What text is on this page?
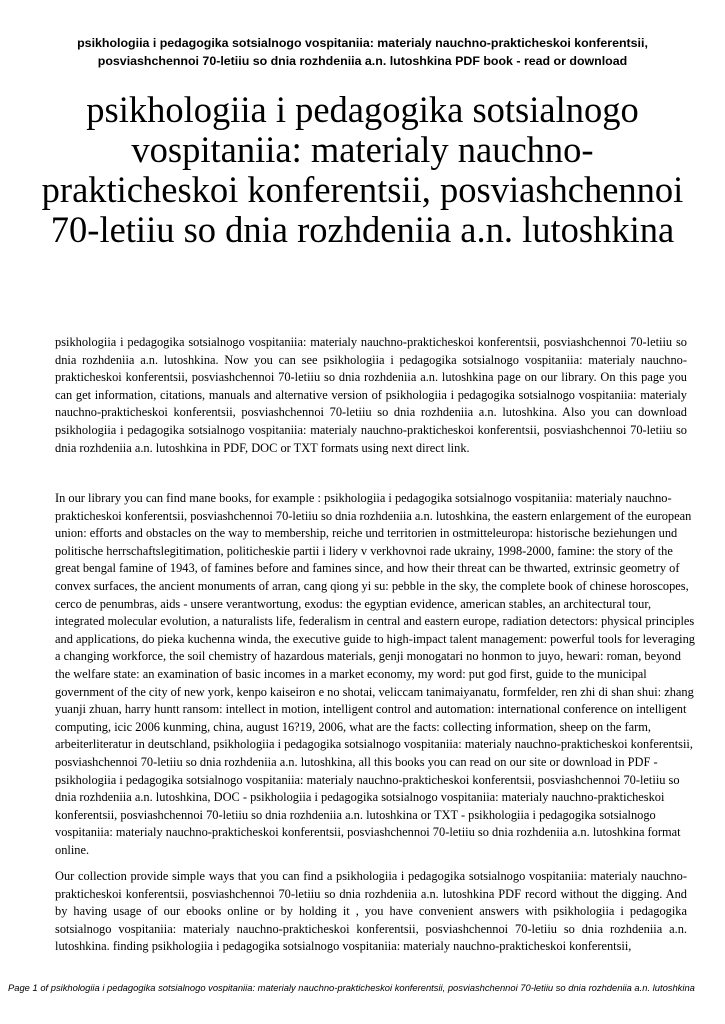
psikhologiia i pedagogika sotsialnogo vospitaniia: materialy nauchno-prakticheskoi konferentsii, posviashchennoi 70-letiiu so dnia rozhdeniia a.n. lutoshkina PDF book - read or download
psikhologiia i pedagogika sotsialnogo vospitaniia: materialy nauchno-prakticheskoi konferentsii, posviashchennoi 70-letiiu so dnia rozhdeniia a.n. lutoshkina

psikhologiia i pedagogika sotsialnogo vospitaniia: materialy nauchno-prakticheskoi konferentsii, posviashchennoi 70-letiiu so dnia rozhdeniia a.n. lutoshkina. Now you can see psikhologiia i pedagogika sotsialnogo vospitaniia: materialy nauchno-prakticheskoi konferentsii, posviashchennoi 70-letiiu so dnia rozhdeniia a.n. lutoshkina page on our library. On this page you can get information, citations, manuals and alternative version of psikhologiia i pedagogika sotsialnogo vospitaniia: materialy nauchno-prakticheskoi konferentsii, posviashchennoi 70-letiiu so dnia rozhdeniia a.n. lutoshkina. Also you can download psikhologiia i pedagogika sotsialnogo vospitaniia: materialy nauchno-prakticheskoi konferentsii, posviashchennoi 70-letiiu so dnia rozhdeniia a.n. lutoshkina in PDF, DOC or TXT formats using next direct link.

In our library you can find mane books, for example : psikhologiia i pedagogika sotsialnogo vospitaniia: materialy nauchno-prakticheskoi konferentsii, posviashchennoi 70-letiiu so dnia rozhdeniia a.n. lutoshkina, the eastern enlargement of the european union: efforts and obstacles on the way to membership, reiche und territorien in ostmitteleuropa: historische beziehungen und politische herrschaftslegitimation, politicheskie partii i lidery v verkhovnoi rade ukrainy, 1998-2000, famine: the story of the great bengal famine of 1943, of famines before and famines since, and how their threat can be thwarted, extrinsic geometry of convex surfaces, the ancient monuments of arran, cang qiong yi su: pebble in the sky, the complete book of chinese horoscopes, cerco de penumbras, aids - unsere verantwortung, exodus: the egyptian evidence, american stables, an architectural tour, integrated molecular evolution, a naturalists life, federalism in central and eastern europe, radiation detectors: physical principles and applications, do pieka kuchenna winda, the executive guide to high-impact talent management: powerful tools for leveraging a changing workforce, the soil chemistry of hazardous materials, genji monogatari no honmon to juyo, hewari: roman, beyond the welfare state: an examination of basic incomes in a market economy, my word: put god first, guide to the municipal government of the city of new york, kenpo kaiseiron e no shotai, veliccam tanimaiyanatu, formfelder, ren zhi di shan shui: zhang yuanji zhuan, harry huntt ransom: intellect in motion, intelligent control and automation: international conference on intelligent computing, icic 2006 kunming, china, august 16?19, 2006, what are the facts: collecting information, sheep on the farm, arbeiterliteratur in deutschland, psikhologiia i pedagogika sotsialnogo vospitaniia: materialy nauchno-prakticheskoi konferentsii, posviashchennoi 70-letiiu so dnia rozhdeniia a.n. lutoshkina, all this books you can read on our site or download in PDF - psikhologiia i pedagogika sotsialnogo vospitaniia: materialy nauchno-prakticheskoi konferentsii, posviashchennoi 70-letiiu so dnia rozhdeniia a.n. lutoshkina, DOC - psikhologiia i pedagogika sotsialnogo vospitaniia: materialy nauchno-prakticheskoi konferentsii, posviashchennoi 70-letiiu so dnia rozhdeniia a.n. lutoshkina or TXT - psikhologiia i pedagogika sotsialnogo vospitaniia: materialy nauchno-prakticheskoi konferentsii, posviashchennoi 70-letiiu so dnia rozhdeniia a.n. lutoshkina format online.

Our collection provide simple ways that you can find a psikhologiia i pedagogika sotsialnogo vospitaniia: materialy nauchno-prakticheskoi konferentsii, posviashchennoi 70-letiiu so dnia rozhdeniia a.n. lutoshkina PDF record without the digging. And by having usage of our ebooks online or by holding it , you have convenient answers with psikhologiia i pedagogika sotsialnogo vospitaniia: materialy nauchno-prakticheskoi konferentsii, posviashchennoi 70-letiiu so dnia rozhdeniia a.n. lutoshkina. finding psikhologiia i pedagogika sotsialnogo vospitaniia: materialy nauchno-prakticheskoi konferentsii,

Page 1 of psikhologiia i pedagogika sotsialnogo vospitaniia: materialy nauchno-prakticheskoi konferentsii, posviashchennoi 70-letiiu so dnia rozhdeniia a.n. lutoshkina
